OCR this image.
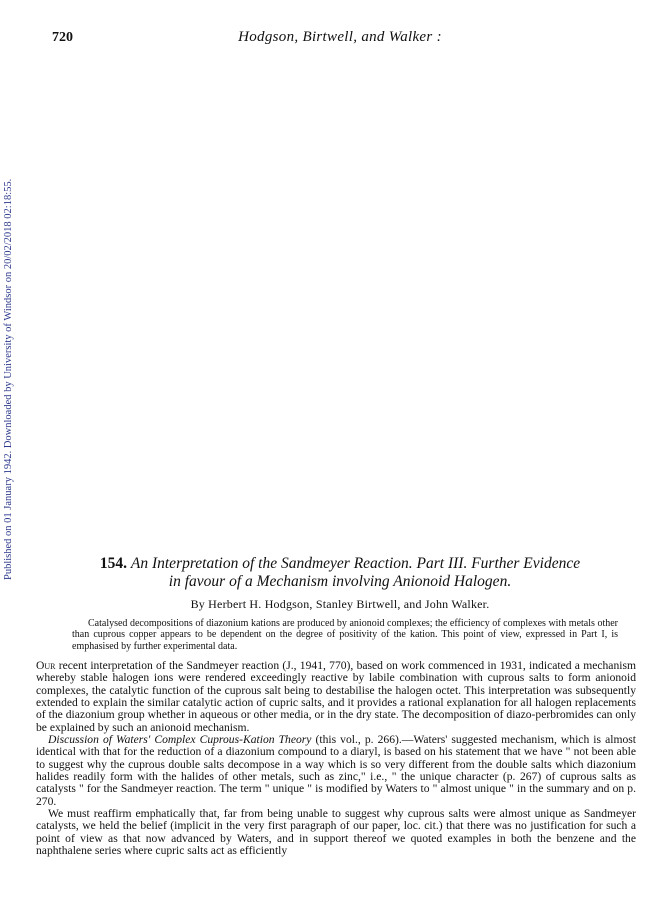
Published on 01 January 1942. Downloaded by University of Windsor on 20/02/2018 02:18:55.
720	Hodgson, Birtwell, and Walker :
154. An Interpretation of the Sandmeyer Reaction. Part III. Further Evidence
in favour of a Mechanism involving Anionoid Halogen.
By Herbert H. Hodgson, Stanley Birtwell, and John Walker.
Catalysed decompositions of diazonium kations are produced by anionoid complexes; the efficiency of complexes with metals other than cuprous copper appears to be dependent on the degree of positivity of the kation. This point of view, expressed in Part I, is emphasised by further experimental data.

Our recent interpretation of the Sandmeyer reaction (J., 1941, 770), based on work commenced in 1931, indicated a mechanism whereby stable halogen ions were rendered exceedingly reactive by labile combination with cuprous salts to form anionoid complexes, the catalytic function of the cuprous salt being to destabilise the halogen octet. This interpretation was subsequently extended to explain the similar catalytic action of cupric salts, and it provides a rational explanation for all halogen replacements of the diazonium group whether in aqueous or other media, or in the dry state. The decomposition of diazo-perbromides can only be explained by such an anionoid mechanism.

Discussion of Waters' Complex Cuprous-Kation Theory (this vol., p. 266).—Waters' suggested mechanism, which is almost identical with that for the reduction of a diazonium compound to a diaryl, is based on his statement that we have " not been able to suggest why the cuprous double salts decompose in a way which is so very different from the double salts which diazonium halides readily form with the halides of other metals, such as zinc," i.e., " the unique character (p. 267) of cuprous salts as catalysts " for the Sandmeyer reaction. The term " unique " is modified by Waters to " almost unique " in the summary and on p. 270.

We must reaffirm emphatically that, far from being unable to suggest why cuprous salts were almost unique as Sandmeyer catalysts, we held the belief (implicit in the very first paragraph of our paper, loc. cit.) that there was no justification for such a point of view as that now advanced by Waters, and in support thereof we quoted examples in both the benzene and the naphthalene series where cupric salts act as efficiently
